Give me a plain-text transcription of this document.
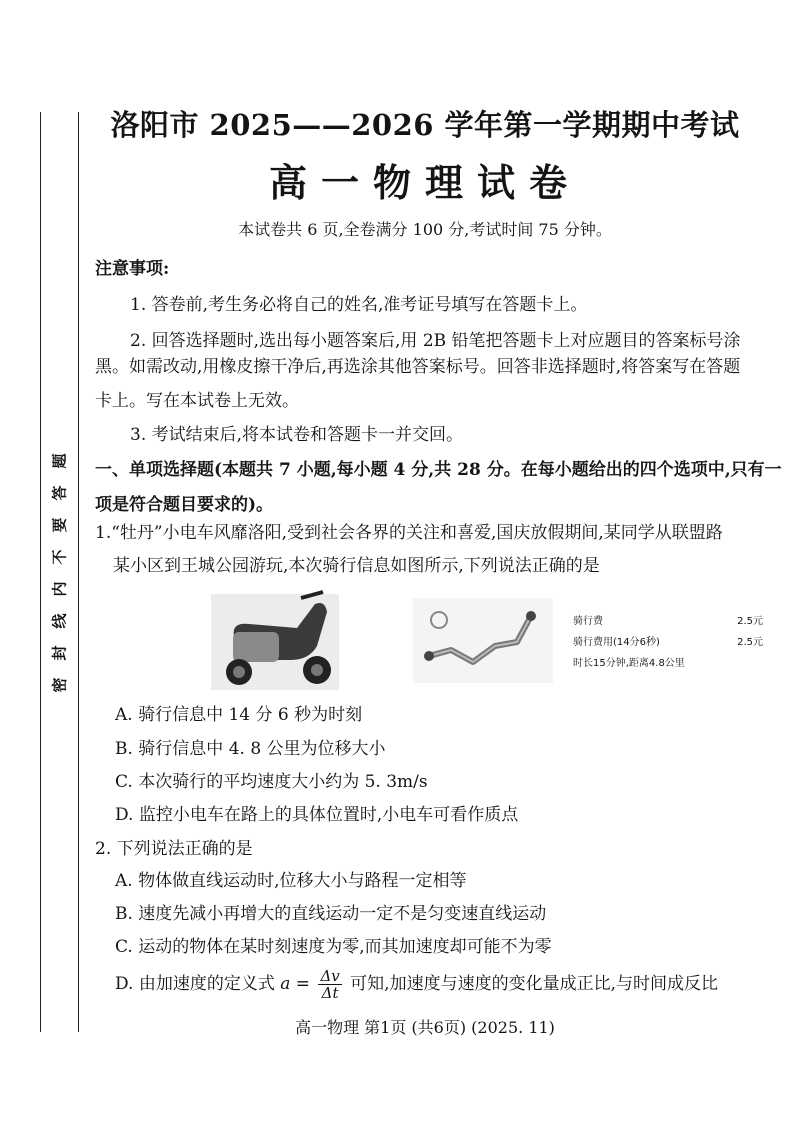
题
答
要
不
内
线
封
密
洛阳市 2025——2026 学年第一学期期中考试
高一物理试卷
本试卷共 6 页,全卷满分 100 分,考试时间 75 分钟。
注意事项:
1. 答卷前,考生务必将自己的姓名,准考证号填写在答题卡上。
2. 回答选择题时,选出每小题答案后,用 2B 铅笔把答题卡上对应题目的答案标号涂
黑。如需改动,用橡皮擦干净后,再选涂其他答案标号。回答非选择题时,将答案写在答题
卡上。写在本试卷上无效。
3. 考试结束后,将本试卷和答题卡一并交回。
一、单项选择题(本题共 7 小题,每小题 4 分,共 28 分。在每小题给出的四个选项中,只有一
项是符合题目要求的)。
1.“牡丹”小电车风靡洛阳,受到社会各界的关注和喜爱,国庆放假期间,某同学从联盟路
某小区到王城公园游玩,本次骑行信息如图所示,下列说法正确的是
骑行费	2.5元
骑行费用(14分6秒)	2.5元
时长15分钟,距离4.8公里
A. 骑行信息中 14 分 6 秒为时刻
B. 骑行信息中 4. 8 公里为位移大小
C. 本次骑行的平均速度大小约为 5. 3m/s
D. 监控小电车在路上的具体位置时,小电车可看作质点
2. 下列说法正确的是
A. 物体做直线运动时,位移大小与路程一定相等
B. 速度先减小再增大的直线运动一定不是匀变速直线运动
C. 运动的物体在某时刻速度为零,而其加速度却可能不为零
D. 由加速度的定义式 $a = \frac{\Delta v}{\Delta t}$ 可知,加速度与速度的变化量成正比,与时间成反比
高一物理 第1页 (共6页) (2025. 11)
